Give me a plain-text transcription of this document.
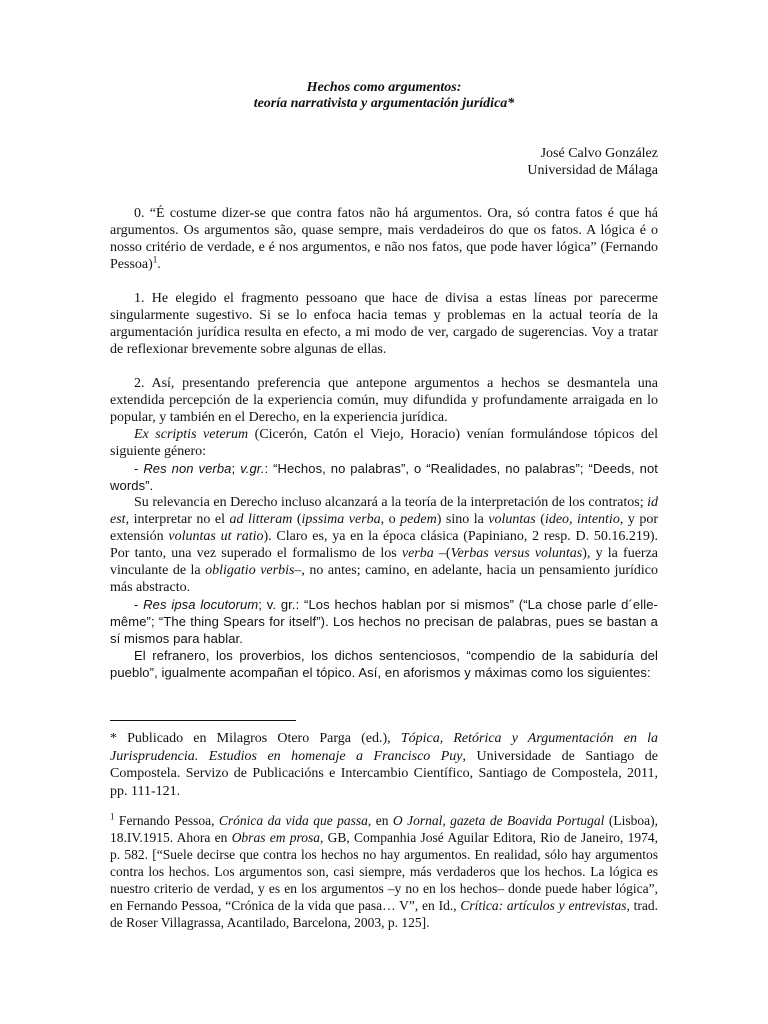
Hechos como argumentos:
teoría narrativista y argumentación jurídica*
José Calvo González
Universidad de Málaga

0. “É costume dizer-se que contra fatos não há argumentos. Ora, só contra fatos é que há argumentos. Os argumentos são, quase sempre, mais verdadeiros do que os fatos. A lógica é o nosso critério de verdade, e é nos argumentos, e não nos fatos, que pode haver lógica” (Fernando Pessoa)$^1$.

1. He elegido el fragmento pessoano que hace de divisa a estas líneas por parecerme singularmente sugestivo. Si se lo enfoca hacia temas y problemas en la actual teoría de la argumentación jurídica resulta en efecto, a mi modo de ver, cargado de sugerencias. Voy a tratar de reflexionar brevemente sobre algunas de ellas.

2. Así, presentando preferencia que antepone argumentos a hechos se desmantela una extendida percepción de la experiencia común, muy difundida y profundamente arraigada en lo popular, y también en el Derecho, en la experiencia jurídica.

Ex scriptis veterum (Cicerón, Catón el Viejo, Horacio) venían formulándose tópicos del siguiente género:

- Res non verba; v.gr.: “Hechos, no palabras”, o “Realidades, no palabras”; “Deeds, not words”.

Su relevancia en Derecho incluso alcanzará a la teoría de la interpretación de los contratos; id est, interpretar no el ad litteram (ipssima verba, o pedem) sino la voluntas (ideo, intentio, y por extensión voluntas ut ratio). Claro es, ya en la época clásica (Papiniano, 2 resp. D. 50.16.219). Por tanto, una vez superado el formalismo de los verba –(Verbas versus voluntas), y la fuerza vinculante de la obligatio verbis–, no antes; camino, en adelante, hacia un pensamiento jurídico más abstracto.

- Res ipsa locutorum; v. gr.: “Los hechos hablan por si mismos” (“La chose parle d´elle-même”; “The thing Spears for itself”). Los hechos no precisan de palabras, pues se bastan a sí mismos para hablar.

El refranero, los proverbios, los dichos sentenciosos, “compendio de la sabiduría del pueblo”, igualmente acompañan el tópico. Así, en aforismos y máximas como los siguientes:

* Publicado en Milagros Otero Parga (ed.), Tópica, Retórica y Argumentación en la Jurisprudencia. Estudios en homenaje a Francisco Puy, Universidade de Santiago de Compostela. Servizo de Publicacións e Intercambio Científico, Santiago de Compostela, 2011, pp. 111-121.

$^1$ Fernando Pessoa, Crónica da vida que passa, en O Jornal, gazeta de Boavida Portugal (Lisboa), 18.IV.1915. Ahora en Obras em prosa, GB, Companhia José Aguilar Editora, Rio de Janeiro, 1974, p. 582. [“Suele decirse que contra los hechos no hay argumentos. En realidad, sólo hay argumentos contra los hechos. Los argumentos son, casi siempre, más verdaderos que los hechos. La lógica es nuestro criterio de verdad, y es en los argumentos –y no en los hechos– donde puede haber lógica”, en Fernando Pessoa, “Crónica de la vida que pasa… V”, en Id., Crítica: artículos y entrevistas, trad. de Roser Villagrassa, Acantilado, Barcelona, 2003, p. 125].
